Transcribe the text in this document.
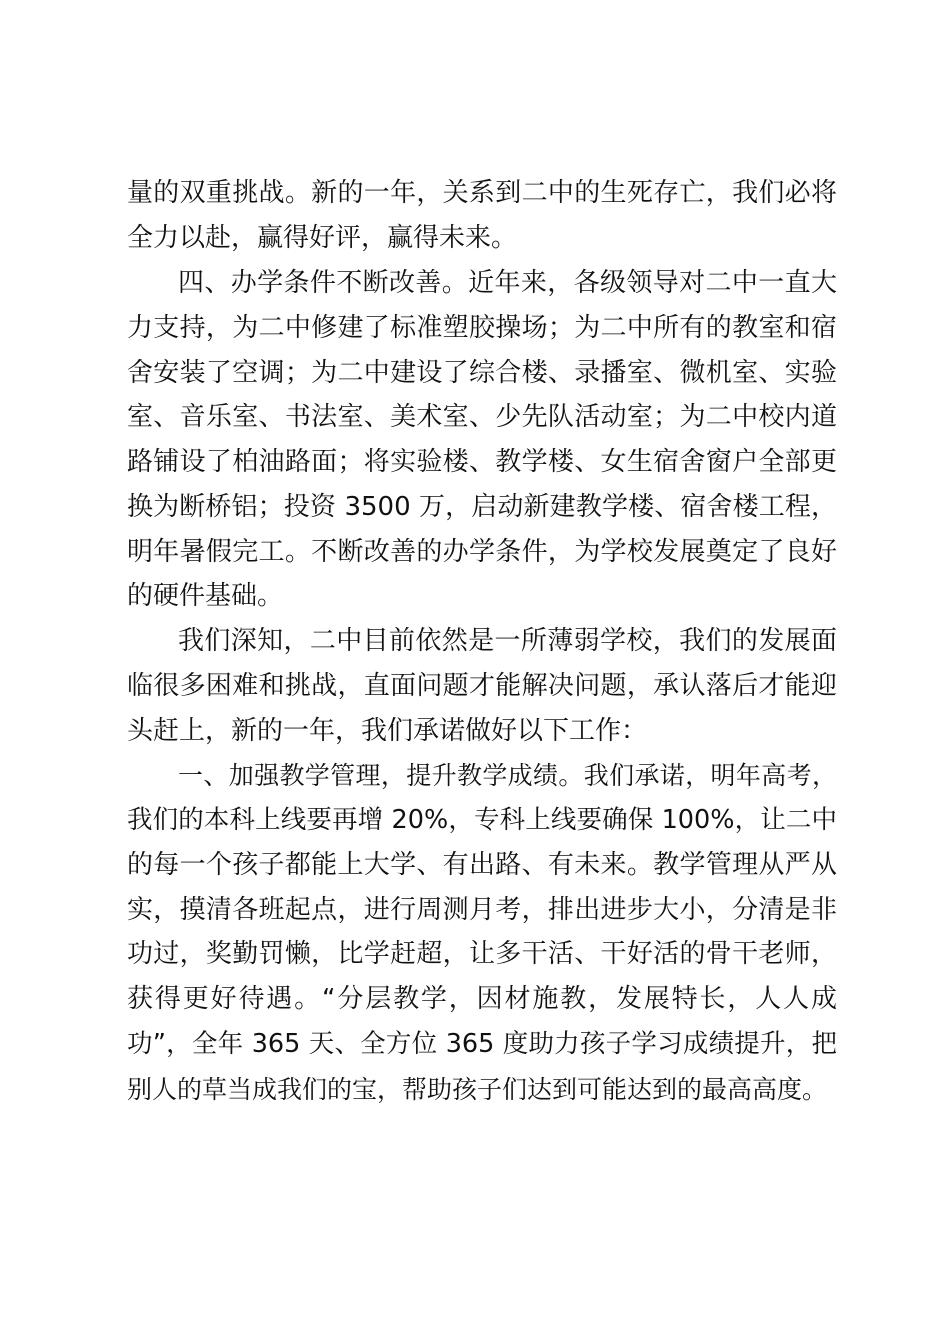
量的双重挑战。新的一年，关系到二中的生死存亡，我们必将
全力以赴，赢得好评，赢得未来。
四、办学条件不断改善。近年来，各级领导对二中一直大
力支持，为二中修建了标准塑胶操场；为二中所有的教室和宿
舍安装了空调；为二中建设了综合楼、录播室、微机室、实验
室、音乐室、书法室、美术室、少先队活动室；为二中校内道
路铺设了柏油路面；将实验楼、教学楼、女生宿舍窗户全部更
换为断桥铝；投资 3500 万，启动新建教学楼、宿舍楼工程，
明年暑假完工。不断改善的办学条件，为学校发展奠定了良好
的硬件基础。
我们深知，二中目前依然是一所薄弱学校，我们的发展面
临很多困难和挑战，直面问题才能解决问题，承认落后才能迎
头赶上，新的一年，我们承诺做好以下工作：
一、加强教学管理，提升教学成绩。我们承诺，明年高考，
我们的本科上线要再增 20%，专科上线要确保 100%，让二中
的每一个孩子都能上大学、有出路、有未来。教学管理从严从
实，摸清各班起点，进行周测月考，排出进步大小，分清是非
功过，奖勤罚懒，比学赶超，让多干活、干好活的骨干老师，
获得更好待遇。“分层教学，因材施教，发展特长，人人成
功”，全年 365 天、全方位 365 度助力孩子学习成绩提升，把
别人的草当成我们的宝，帮助孩子们达到可能达到的最高高度。
